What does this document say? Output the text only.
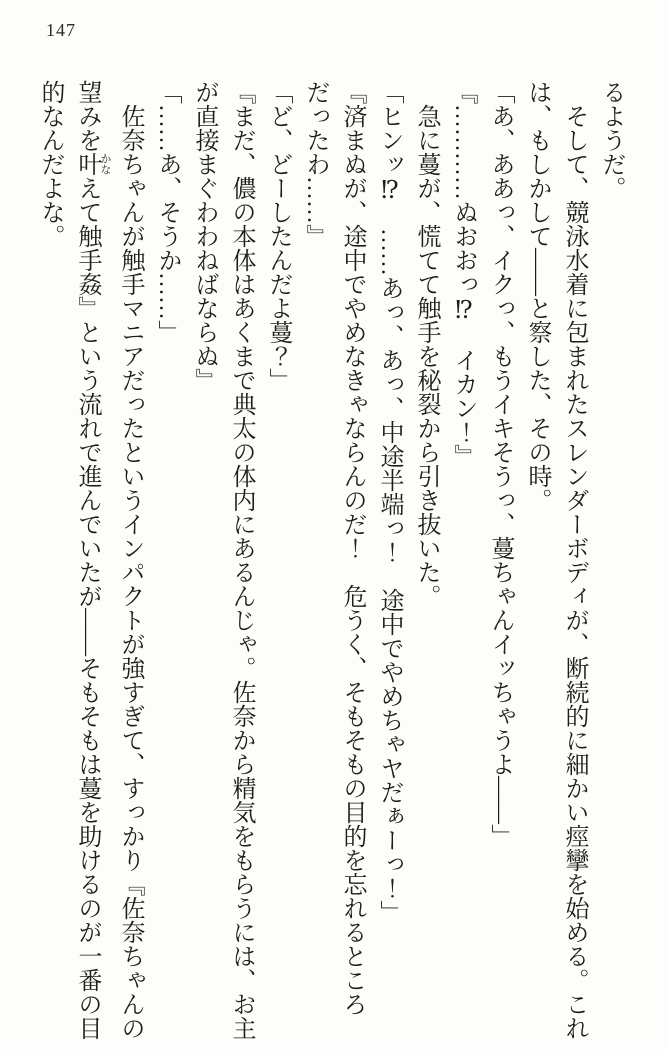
147

るようだ。

　そして、競泳水着に包まれたスレンダーボディが、断続的に細かい痙攣を始める。これ

は、もしかして――と察した、その時。

「あ、ああっ、イクっ、もうイキそうっ、蔓ちゃんイッちゃうよ――」

『…………ぬおおっ⁉　イカン！』

　急に蔓が、慌てて触手を秘裂から引き抜いた。

「ヒンッ⁉　……あっ、あっ、中途半端っ！　途中でやめちゃヤだぁーっ！」

『済まぬが、途中でやめなきゃならんのだ！　危うく、そもそもの目的を忘れるところ

だったわ……』

「ど、どーしたんだよ蔓？」

『まだ、儂の本体はあくまで典太の体内にあるんじゃ。佐奈から精気をもらうには、お主

が直接まぐわわねばならぬ』

「……あ、そうか……」

　佐奈ちゃんが触手マニアだったというインパクトが強すぎて、すっかり『佐奈ちゃんの

望みを叶 かなえて触手姦』という流れで進んでいたが――そもそもは蔓を助けるのが一番の目

的なんだよな。
